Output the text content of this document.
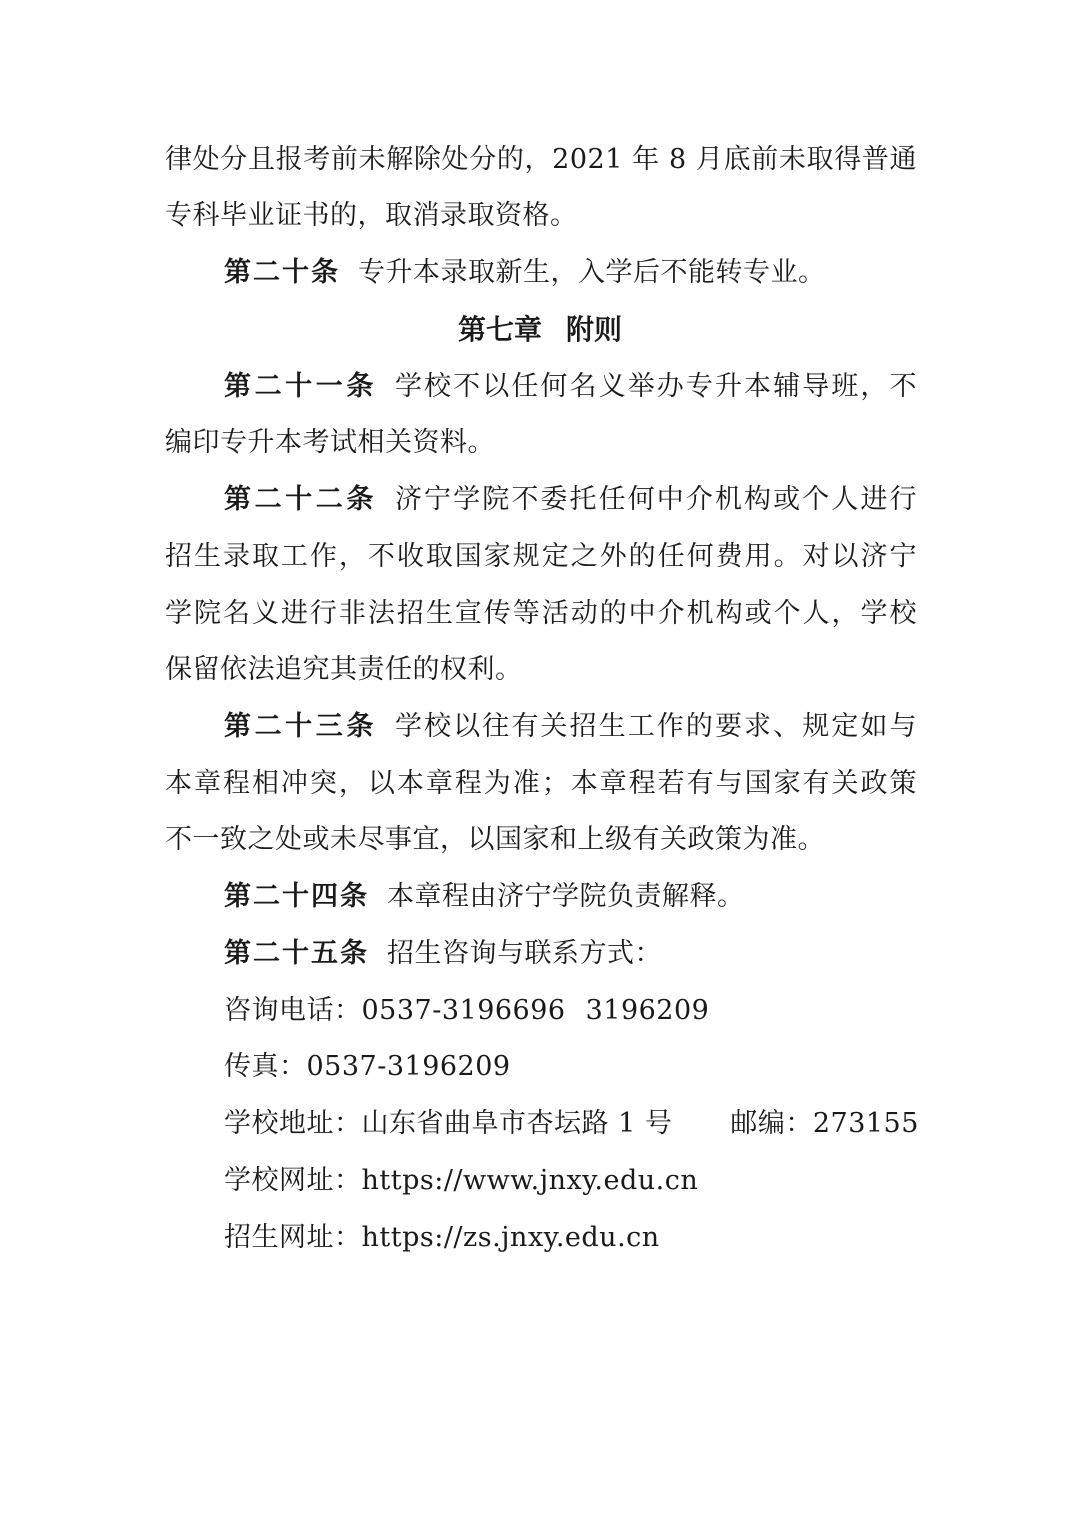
律处分且报考前未解除处分的，2021 年 8 月底前未取得普通
专科毕业证书的，取消录取资格。
第二十条 专升本录取新生，入学后不能转专业。
第七章 附则
第二十一条 学校不以任何名义举办专升本辅导班，不
编印专升本考试相关资料。
第二十二条 济宁学院不委托任何中介机构或个人进行
招生录取工作，不收取国家规定之外的任何费用。对以济宁
学院名义进行非法招生宣传等活动的中介机构或个人，学校
保留依法追究其责任的权利。
第二十三条 学校以往有关招生工作的要求、规定如与
本章程相冲突，以本章程为准；本章程若有与国家有关政策
不一致之处或未尽事宜，以国家和上级有关政策为准。
第二十四条 本章程由济宁学院负责解释。
第二十五条 招生咨询与联系方式：
咨询电话：0537-3196696 3196209
传真：0537-3196209
学校地址：山东省曲阜市杏坛路 1 号 邮编：273155
学校网址：https://www.jnxy.edu.cn
招生网址：https://zs.jnxy.edu.cn
